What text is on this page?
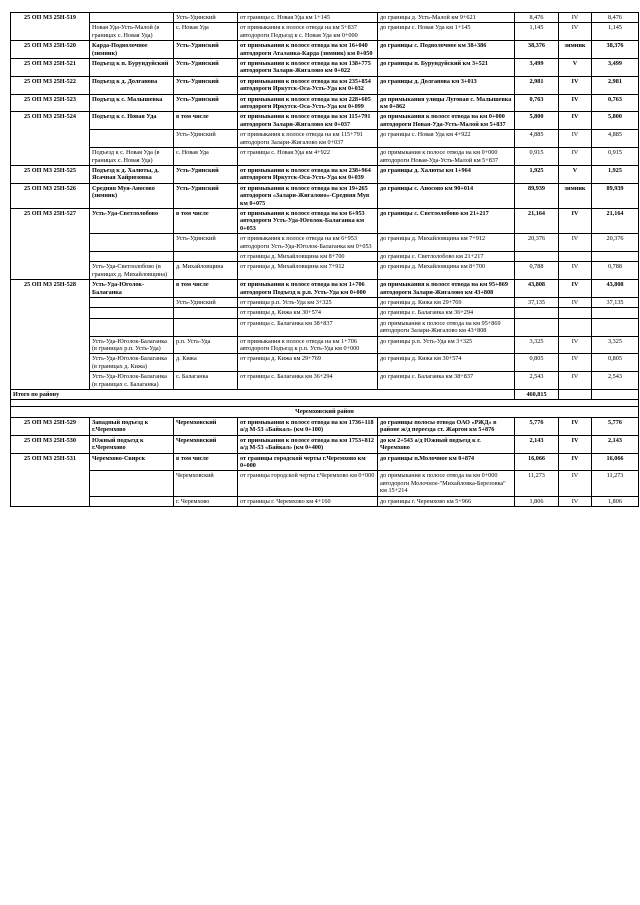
25 ОП МЗ 25Н-519		Усть-Удинский	от границы с. Новая Уда км 1+145	до границы д. Усть-Малой км 9+621	8,476	IV	8,476
	Новая Уда-Усть-Малой (в границах с. Новая Уда)	с. Новая Уда	от примыкания к полосе отвода на км 5+837 автодороги Подъезд к с. Новая Уда км 0+000	до границы с. Новая Уда км 1+145	1,145	IV	1,145
25 ОП МЗ 25Н-520	Карда-Подволочное (зимник)	Усть-Удинский	от примыкания к полосе отвода на км 16+040 автодороги Аталанка-Карда (зимник) км 0+050	до границы с. Подволочное км 38+386	38,376	зимник	38,376
25 ОП МЗ 25Н-521	Подъезд к п. Бурундуйский	Усть-Удинский	от примыкания к полосе отвода на км 138+775 автодороги Залари-Жигалово км 0+022	до границы п. Бурундуйский км 3+521	3,499	V	3,499
25 ОП МЗ 25Н-522	Подъезд к д. Долганова	Усть-Удинский	от примыкания к полосе отвода на км 235+854 автодороги Иркутск-Оса-Усть-Уда км 0+032	до границы д. Долганова км 3+013	2,981	IV	2,981
25 ОП МЗ 25Н-523	Подъезд к с. Малышевка	Усть-Удинский	от примыкания к полосе отвода на км 228+605 автодороги Иркутск-Оса-Усть-Уда км 0+099	до примыкания улицы Луговая с. Малышевка км 0+862	0,763	IV	0,763
25 ОП МЗ 25Н-524	Подъезд к с. Новая Уда	в том числе	от примыкания к полосе отвода на км 115+791 автодороги Залари-Жигалово км 0+037	до примыкания к полосе отвода на км 0+000 автодороги Новая-Уда-Усть-Малой км 5+837	5,800	IV	5,800
		Усть-Удинский	от примыкания к полосе отвода на км 115+791 автодороги Залари-Жигалово км 0+037	до границы с. Новая Уда км 4+922	4,885	IV	4,885
	Подъезд к с. Новая Уда (в границах с. Новая Уда)	с. Новая Уда	от границы с. Новая Уда км 4+922	до примыкания к полосе отвода на км 0+000 автодороги Новая-Уда-Усть-Малой км 5+837	0,915	IV	0,915
25 ОП МЗ 25Н-525	Подъезд к д. Халюты, д. Ясачная Хайрюзовка	Усть-Удинский	от примыкания к полосе отвода на км 238+964 автодороги Иркутск-Оса-Усть-Уда км 0+039	до границы д. Халюты км 1+964	1,925	V	1,925
25 ОП МЗ 25Н-526	Средняя Муя-Аносово (зимник)	Усть-Удинский	от примыкания к полосе отвода на км 19+265 автодороги «Залари-Жигалово»-Средняя Муя км 0+075	до границы с. Аносово км 90+014	89,939	зимник	89,939
25 ОП МЗ 25Н-527	Усть-Уда-Светлолобово	в том числе	от примыкания к полосе отвода на км 6+953 автодороги Усть-Уда-Юголок-Балаганка км 0+053	до границы с. Светлолобово км 21+217	21,164	IV	21,164
		Усть-Удинский	от примыкания к полосе отвода на км 6+953 автодороги Усть-Уда-Юголок-Балаганка км 0+053	до границы д. Михайловщина км 7+912	20,376	IV	20,376
			от границы д. Михайловщина км 8+700	до границы с. Светлолобово км 21+217			
	Усть-Уда-Светлолобово (в границах д. Михайловщина)	д. Михайловщина	от границы д. Михайловщина км 7+912	до границы д. Михайловщина км 8+700	0,788	IV	0,788
25 ОП МЗ 25Н-528	Усть-Уда-Юголок-Балаганка	в том числе	от примыкания к полосе отвода на км 1+706 автодороги Подъезд к р.п. Усть-Уда км 0+000	до примыкания к полосе отвода на км 95+869 автодороги Залари-Жигалово км 43+808	43,808	IV	43,808
		Усть-Удинский	от границы р.п. Усть-Уда км 3+325	до границы д. Кижа км 29+769	37,135	IV	37,135
			от границы д. Кижа км 30+574	до границы с. Балаганка км 36+294			
			от границы с. Балаганка км 38+837	до примыкания к полосе отвода на км 95+869 автодороги Залари-Жигалово км 43+808			
	Усть-Уда-Юголок-Балаганка (в границах р.п. Усть-Уда)	р.п. Усть-Уда	от примыкания к полосе отвода на км 1+706 автодороги Подъезд к р.п. Усть-Уда км 0+000	до границы р.п. Усть-Уда км 3+325	3,325	IV	3,325
	Усть-Уда-Юголок-Балаганка (в границах д. Кижа)	д. Кижа	от границы д. Кижа км 29+769	до границы д. Кижа км 30+574	0,805	IV	0,805
	Усть-Уда-Юголок-Балаганка (в границах с. Балаганка)	с. Балаганка	от границы с. Балаганка км 36+294	до границы с. Балаганка км 38+837	2,543	IV	2,543
Итого по району					460,815		

Черемховский район							
25 ОП МЗ 25Н-529	Западный подъезд к г.Черемхово	Черемховский	от примыкания к полосе отвода на км 1736+118 а/д М-53 «Байкал» (км 0+100)	до границы полосы отвода ОАО «РЖД» в районе ж/д переезда ст. Жаргон км 5+876	5,776	IV	5,776
25 ОП МЗ 25Н-530	Южный подъезд к г.Черемхово	Черемховский	от примыкания к полосе отвода на км 1753+812 а/д М-53 «Байкал» (км 0+400)	до км 2+543 а/д Южный подъезд к г. Черемхово	2,143	IV	2,143
25 ОП МЗ 25Н-531	Черемхово-Свирск	в том числе	от границы городской черты г.Черемхово км 0+000	до границы п.Молочное км 0+874	16,066	IV	16,066
		Черемховский	от границы городской черты г.Черемхово км 0+000	до примыкания к полосе отвода на км 0+000 автодороги Молочное-"Михайловка-Березовка" км 15+214	11,273	IV	11,273
		г. Черемхово	от границы г. Черемхово км 4+160	до границы г. Черемхово км 5+966	1,806	IV	1,806
